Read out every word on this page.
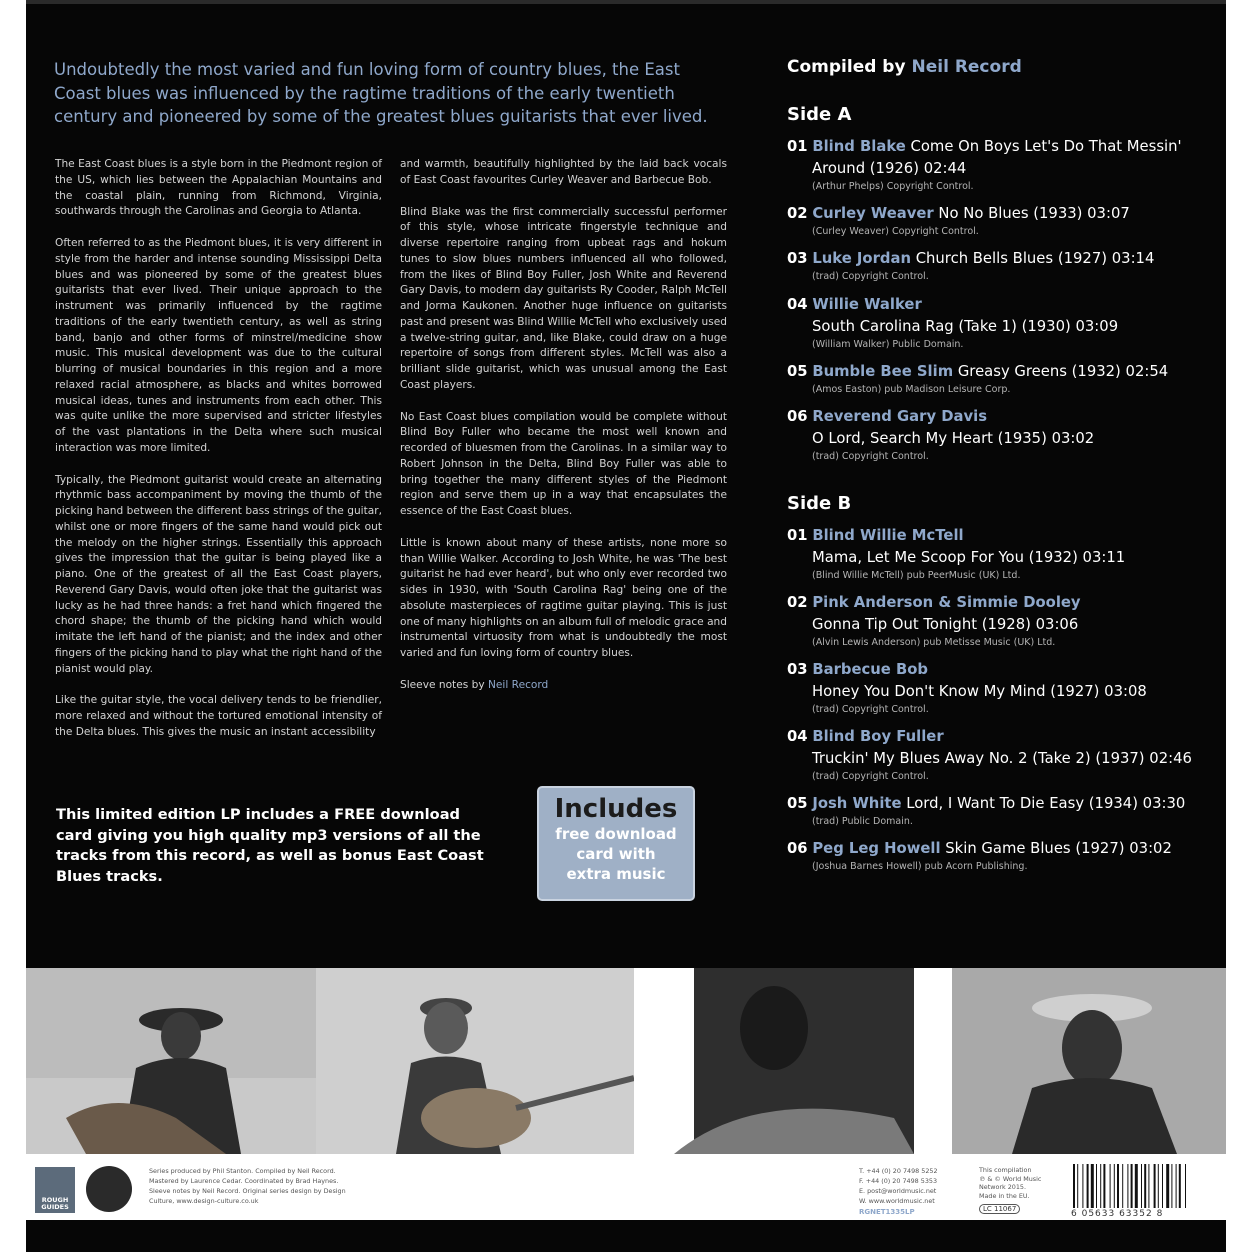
Undoubtedly the most varied and fun loving form of country blues, the East Coast blues was influenced by the ragtime traditions of the early twentieth century and pioneered by some of the greatest blues guitarists that ever lived.

The East Coast blues is a style born in the Piedmont region of the US, which lies between the Appalachian Mountains and the coastal plain, running from Richmond, Virginia, southwards through the Carolinas and Georgia to Atlanta.

Often referred to as the Piedmont blues, it is very different in style from the harder and intense sounding Mississippi Delta blues and was pioneered by some of the greatest blues guitarists that ever lived. Their unique approach to the instrument was primarily influenced by the ragtime traditions of the early twentieth century, as well as string band, banjo and other forms of minstrel/medicine show music. This musical development was due to the cultural blurring of musical boundaries in this region and a more relaxed racial atmosphere, as blacks and whites borrowed musical ideas, tunes and instruments from each other. This was quite unlike the more supervised and stricter lifestyles of the vast plantations in the Delta where such musical interaction was more limited.

Typically, the Piedmont guitarist would create an alternating rhythmic bass accompaniment by moving the thumb of the picking hand between the different bass strings of the guitar, whilst one or more fingers of the same hand would pick out the melody on the higher strings. Essentially this approach gives the impression that the guitar is being played like a piano. One of the greatest of all the East Coast players, Reverend Gary Davis, would often joke that the guitarist was lucky as he had three hands: a fret hand which fingered the chord shape; the thumb of the picking hand which would imitate the left hand of the pianist; and the index and other fingers of the picking hand to play what the right hand of the pianist would play.

Like the guitar style, the vocal delivery tends to be friendlier, more relaxed and without the tortured emotional intensity of the Delta blues. This gives the music an instant accessibility

and warmth, beautifully highlighted by the laid back vocals of East Coast favourites Curley Weaver and Barbecue Bob.

Blind Blake was the first commercially successful performer of this style, whose intricate fingerstyle technique and diverse repertoire ranging from upbeat rags and hokum tunes to slow blues numbers influenced all who followed, from the likes of Blind Boy Fuller, Josh White and Reverend Gary Davis, to modern day guitarists Ry Cooder, Ralph McTell and Jorma Kaukonen. Another huge influence on guitarists past and present was Blind Willie McTell who exclusively used a twelve-string guitar, and, like Blake, could draw on a huge repertoire of songs from different styles. McTell was also a brilliant slide guitarist, which was unusual among the East Coast players.

No East Coast blues compilation would be complete without Blind Boy Fuller who became the most well known and recorded of bluesmen from the Carolinas. In a similar way to Robert Johnson in the Delta, Blind Boy Fuller was able to bring together the many different styles of the Piedmont region and serve them up in a way that encapsulates the essence of the East Coast blues.

Little is known about many of these artists, none more so than Willie Walker. According to Josh White, he was 'The best guitarist he had ever heard', but who only ever recorded two sides in 1930, with 'South Carolina Rag' being one of the absolute masterpieces of ragtime guitar playing. This is just one of many highlights on an album full of melodic grace and instrumental virtuosity from what is undoubtedly the most varied and fun loving form of country blues.

Sleeve notes by Neil Record

This limited edition LP includes a FREE download card giving you high quality mp3 versions of all the tracks from this record, as well as bonus East Coast Blues tracks.
Includes
free download
card with
extra music
Compiled by Neil Record
Side A
01 Blind Blake Come On Boys Let's Do That Messin'
Around (1926) 02:44
(Arthur Phelps) Copyright Control.
02 Curley Weaver No No Blues (1933) 03:07
(Curley Weaver) Copyright Control.
03 Luke Jordan Church Bells Blues (1927) 03:14
(trad) Copyright Control.
04 Willie Walker
South Carolina Rag (Take 1) (1930) 03:09
(William Walker) Public Domain.
05 Bumble Bee Slim Greasy Greens (1932) 02:54
(Amos Easton) pub Madison Leisure Corp.
06 Reverend Gary Davis
O Lord, Search My Heart (1935) 03:02
(trad) Copyright Control.
Side B
01 Blind Willie McTell
Mama, Let Me Scoop For You (1932) 03:11
(Blind Willie McTell) pub PeerMusic (UK) Ltd.
02 Pink Anderson & Simmie Dooley
Gonna Tip Out Tonight (1928) 03:06
(Alvin Lewis Anderson) pub Metisse Music (UK) Ltd.
03 Barbecue Bob
Honey You Don't Know My Mind (1927) 03:08
(trad) Copyright Control.
04 Blind Boy Fuller
Truckin' My Blues Away No. 2 (Take 2) (1937) 02:46
(trad) Copyright Control.
05 Josh White Lord, I Want To Die Easy (1934) 03:30
(trad) Public Domain.
06 Peg Leg Howell Skin Game Blues (1927) 03:02
(Joshua Barnes Howell) pub Acorn Publishing.
ROUGH GUIDES
Series produced by Phil Stanton. Compiled by Neil Record.
Mastered by Laurence Cedar. Coordinated by Brad Haynes.
Sleeve notes by Neil Record. Original series design by Design
Culture, www.design-culture.co.uk
T. +44 (0) 20 7498 5252
F. +44 (0) 20 7498 5353
E. post@worldmusic.net
W. www.worldmusic.net
RGNET1335LP
This compilation
℗ & © World Music
Network 2015.
Made in the EU.
LC 11067	6 05633 63352 8
